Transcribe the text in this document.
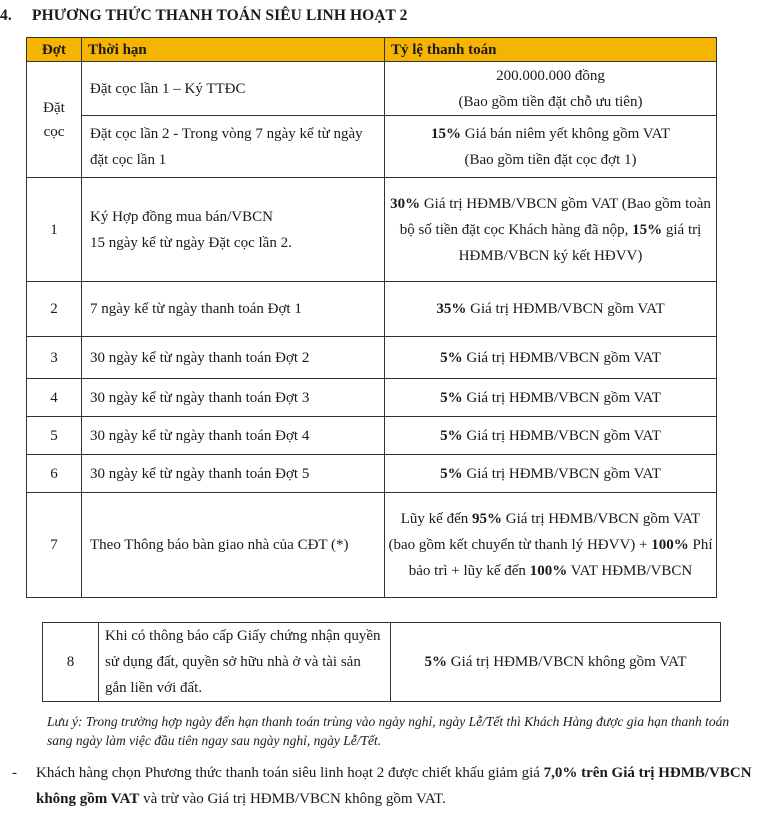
4. PHƯƠNG THỨC THANH TOÁN SIÊU LINH HOẠT 2
Đợt	Thời hạn	Tỷ lệ thanh toán

Đặt cọc	Đặt cọc lần 1 – Ký TTĐC	200.000.000 đồng
(Bao gồm tiền đặt chỗ ưu tiên)

	Đặt cọc lần 2 - Trong vòng 7 ngày kể từ ngày đặt cọc lần 1	15% Giá bán niêm yết không gồm VAT
(Bao gồm tiền đặt cọc đợt 1)

1	Ký Hợp đồng mua bán/VBCN
15 ngày kể từ ngày Đặt cọc lần 2.	30% Giá trị HĐMB/VBCN gồm VAT (Bao gồm toàn bộ số tiền đặt cọc Khách hàng đã nộp, 15% giá trị HĐMB/VBCN ký kết HĐVV)
2	7 ngày kể từ ngày thanh toán Đợt 1	35% Giá trị HĐMB/VBCN gồm VAT
3	30 ngày kể từ ngày thanh toán Đợt 2	5% Giá trị HĐMB/VBCN gồm VAT
4	30 ngày kể từ ngày thanh toán Đợt 3	5% Giá trị HĐMB/VBCN gồm VAT
5	30 ngày kể từ ngày thanh toán Đợt 4	5% Giá trị HĐMB/VBCN gồm VAT
6	30 ngày kể từ ngày thanh toán Đợt 5	5% Giá trị HĐMB/VBCN gồm VAT
7	Theo Thông báo bàn giao nhà của CĐT (*)	Lũy kế đến 95% Giá trị HĐMB/VBCN gồm VAT (bao gồm kết chuyển từ thanh lý HĐVV) + 100% Phí bảo trì + lũy kế đến 100% VAT HĐMB/VBCN
8	Khi có thông báo cấp Giấy chứng nhận quyền sử dụng đất, quyền sở hữu nhà ở và tài sản gắn liền với đất.	5% Giá trị HĐMB/VBCN không gồm VAT
Lưu ý: Trong trường hợp ngày đến hạn thanh toán trùng vào ngày nghỉ, ngày Lễ/Tết thì Khách Hàng được gia hạn thanh toán sang ngày làm việc đầu tiên ngay sau ngày nghỉ, ngày Lễ/Tết.
-	Khách hàng chọn Phương thức thanh toán siêu linh hoạt 2 được chiết khấu giảm giá 7,0% trên Giá trị HĐMB/VBCN không gồm VAT và trừ vào Giá trị HĐMB/VBCN không gồm VAT.
